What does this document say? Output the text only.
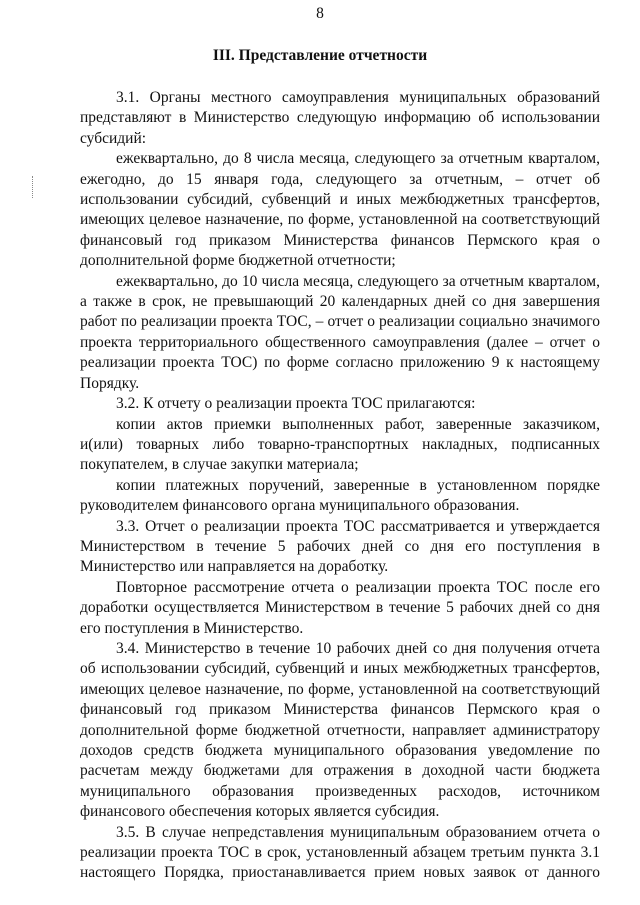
8
III. Представление отчетности

3.1. Органы местного самоуправления муниципальных образований представляют в Министерство следующую информацию об использовании субсидий:

ежеквартально, до 8 числа месяца, следующего за отчетным кварталом, ежегодно, до 15 января года, следующего за отчетным, – отчет об использовании субсидий, субвенций и иных межбюджетных трансфертов, имеющих целевое назначение, по форме, установленной на соответствующий финансовый год приказом Министерства финансов Пермского края о дополнительной форме бюджетной отчетности;

ежеквартально, до 10 числа месяца, следующего за отчетным кварталом, а также в срок, не превышающий 20 календарных дней со дня завершения работ по реализации проекта ТОС, – отчет о реализации социально значимого проекта территориального общественного самоуправления (далее – отчет о реализации проекта ТОС) по форме согласно приложению 9 к настоящему Порядку.

3.2. К отчету о реализации проекта ТОС прилагаются:

копии актов приемки выполненных работ, заверенные заказчиком, и(или) товарных либо товарно-транспортных накладных, подписанных покупателем, в случае закупки материала;

копии платежных поручений, заверенные в установленном порядке руководителем финансового органа муниципального образования.

3.3. Отчет о реализации проекта ТОС рассматривается и утверждается Министерством в течение 5 рабочих дней со дня его поступления в Министерство или направляется на доработку.

Повторное рассмотрение отчета о реализации проекта ТОС после его доработки осуществляется Министерством в течение 5 рабочих дней со дня его поступления в Министерство.

3.4. Министерство в течение 10 рабочих дней со дня получения отчета об использовании субсидий, субвенций и иных межбюджетных трансфертов, имеющих целевое назначение, по форме, установленной на соответствующий финансовый год приказом Министерства финансов Пермского края о дополнительной форме бюджетной отчетности, направляет администратору доходов средств бюджета муниципального образования уведомление по расчетам между бюджетами для отражения в доходной части бюджета муниципального образования произведенных расходов, источником финансового обеспечения которых является субсидия.

3.5. В случае непредставления муниципальным образованием отчета о реализации проекта ТОС в срок, установленный абзацем третьим пункта 3.1 настоящего Порядка, приостанавливается прием новых заявок от данного
